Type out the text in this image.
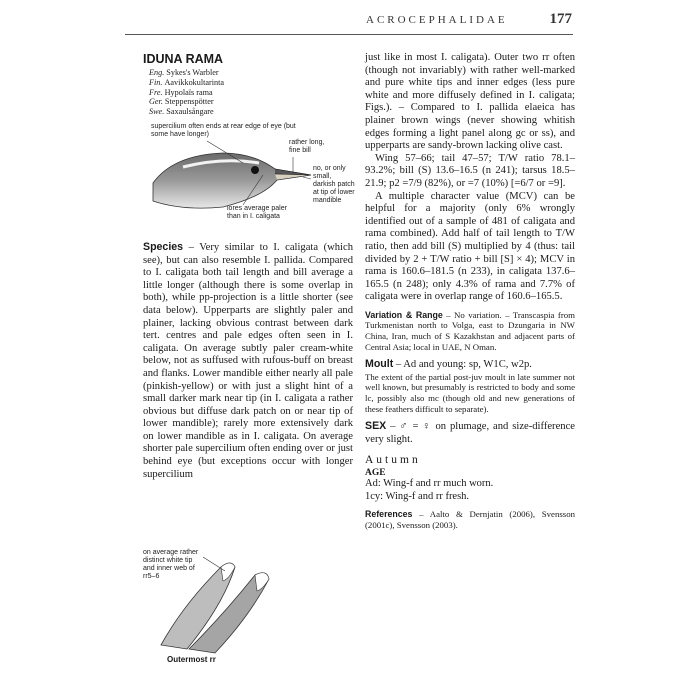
ACROCEPHALIDAE	177
IDUNA RAMA
Eng. Sykes's Warbler
Fin. Aavikkokultarinta
Fre. Hypolaïs rama
Ger. Steppenspötter
Swe. Saxaulsångare
supercilium often ends at rear edge of eye (but some have longer)
rather long, fine bill
no, or only small, darkish patch at tip of lower mandible
lores average paler than in I. caligata

Species – Very similar to I. caligata (which see), but can also resemble I. pallida. Compared to I. caligata both tail length and bill average a little longer (although there is some overlap in both), while pp-projection is a little shorter (see data below). Upperparts are slightly paler and plainer, lacking obvious contrast between dark tert. centres and pale edges often seen in I. caligata. On average subtly paler cream-white below, not as suffused with rufous-buff on breast and flanks. Lower mandible either nearly all pale (pinkish-yellow) or with just a slight hint of a small darker mark near tip (in I. caligata a rather obvious but diffuse dark patch on or near tip of lower mandible); rarely more extensively dark on lower mandible as in I. caligata. On average shorter pale supercilium often ending over or just behind eye (but exceptions occur with longer supercilium

on average rather distinct white tip and inner web of rr5–6
Outermost rr

just like in most I. caligata). Outer two rr often (though not invariably) with rather well-marked and pure white tips and inner edges (less pure white and more diffusely defined in I. caligata; Figs.). – Compared to I. pallida elaeica has plainer brown wings (never showing whitish edges forming a light panel along gc or ss), and upperparts are sandy-brown lacking olive cast.

Wing 57–66; tail 47–57; T/W ratio 78.1–93.2%; bill (S) 13.6–16.5 (n 241); tarsus 18.5–21.9; p2 =7/9 (82%), or =7 (10%) [=6/7 or =9].

A multiple character value (MCV) can be helpful for a majority (only 6% wrongly identified out of a sample of 481 of caligata and rama combined). Add half of tail length to T/W ratio, then add bill (S) multiplied by 4 (thus: tail divided by 2 + T/W ratio + bill [S] × 4); MCV in rama is 160.6–181.5 (n 233), in caligata 137.6–165.5 (n 248); only 4.3% of rama and 7.7% of caligata were in overlap range of 160.6–165.5.

Variation & Range – No variation. – Transcaspia from Turkmenistan north to Volga, east to Dzungaria in NW China, Iran, much of S Kazakhstan and adjacent parts of Central Asia; local in UAE, N Oman.

Moult – Ad and young: sp, W1C, w2p.

The extent of the partial post-juv moult in late summer not well known, but presumably is restricted to body and some lc, possibly also mc (though old and new generations of these feathers difficult to separate).

SEX – ♂ = ♀ on plumage, and size-difference very slight.

Autumn

AGE

Ad: Wing-f and rr much worn.

1cy: Wing-f and rr fresh.

References – Aalto & Dernjatin (2006), Svensson (2001c), Svensson (2003).
